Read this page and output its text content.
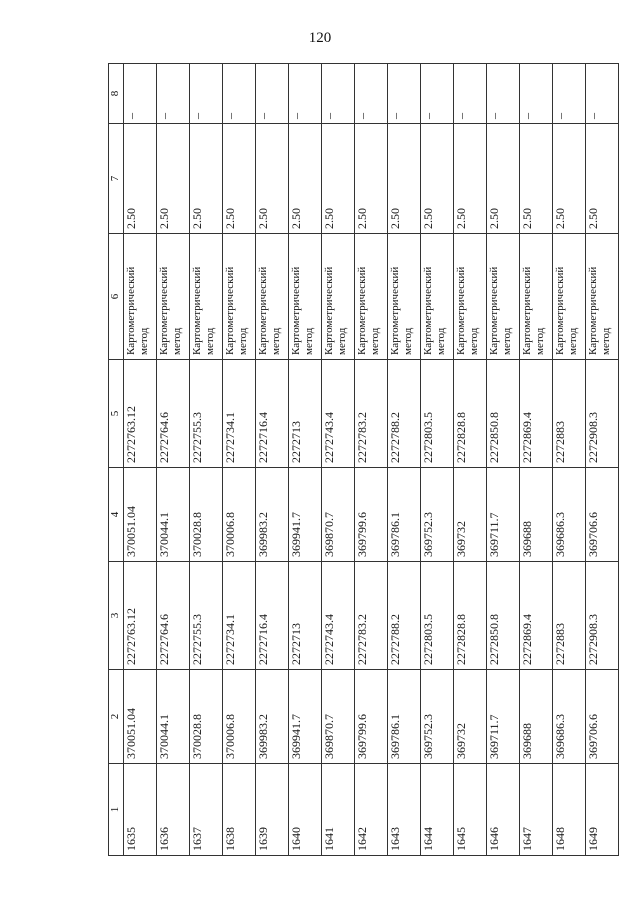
120
1	2	3	4	5	6	7	8
1635	370051.04	2272763.12	370051.04	2272763.12	Картометрический метод	2.50	–
1636	370044.1	2272764.6	370044.1	2272764.6	Картометрический метод	2.50	–
1637	370028.8	2272755.3	370028.8	2272755.3	Картометрический метод	2.50	–
1638	370006.8	2272734.1	370006.8	2272734.1	Картометрический метод	2.50	–
1639	369983.2	2272716.4	369983.2	2272716.4	Картометрический метод	2.50	–
1640	369941.7	2272713	369941.7	2272713	Картометрический метод	2.50	–
1641	369870.7	2272743.4	369870.7	2272743.4	Картометрический метод	2.50	–
1642	369799.6	2272783.2	369799.6	2272783.2	Картометрический метод	2.50	–
1643	369786.1	2272788.2	369786.1	2272788.2	Картометрический метод	2.50	–
1644	369752.3	2272803.5	369752.3	2272803.5	Картометрический метод	2.50	–
1645	369732	2272828.8	369732	2272828.8	Картометрический метод	2.50	–
1646	369711.7	2272850.8	369711.7	2272850.8	Картометрический метод	2.50	–
1647	369688	2272869.4	369688	2272869.4	Картометрический метод	2.50	–
1648	369686.3	2272883	369686.3	2272883	Картометрический метод	2.50	–
1649	369706.6	2272908.3	369706.6	2272908.3	Картометрический метод	2.50	–
